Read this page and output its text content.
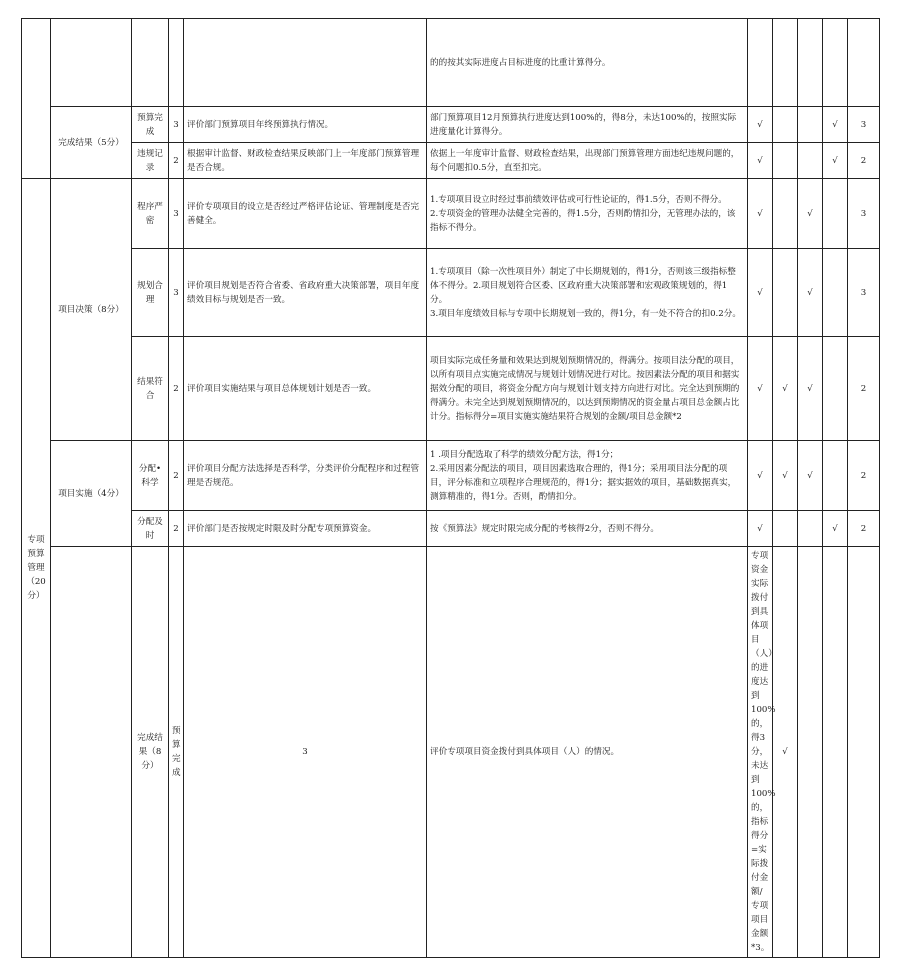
					的的按其实际进度占目标进度的比重计算得分。						
	完成结果（5分）	预算完成	3	评价部门预算项目年终预算执行情况。	部门预算项目12月预算执行进度达到100%的，得8分，未达100%的，按照实际进度量化计算得分。	√			√	3	
		违规记录	2	根据审计监督、财政检查结果反映部门上一年度部门预算管理是否合规。	依据上一年度审计监督、财政检查结果，出现部门预算管理方面违纪违规问题的，每个问题扣0.5分，直至扣完。	√			√	2	
专项预算管理（20分）	项目决策（8分）	程序严密	3	评价专项项目的设立是否经过严格评估论证、管理制度是否完善健全。	1.专项项目设立时经过事前绩效评估或可行性论证的，得1.5分，否则不得分。
2.专项资金的管理办法健全完善的，得1.5分，否则酌情扣分，无管理办法的，该指标不得分。	√		√		3	
		规划合理	3	评价项目规划是否符合省委、省政府重大决策部署，项目年度绩效目标与规划是否一致。	1.专项项目（除一次性项目外）制定了中长期规划的，得1分，否则该三级指标整体不得分。2.项目规划符合区委、区政府重大决策部署和宏观政策规划的，得1分。
3.项目年度绩效目标与专项中长期规划一致的，得1分，有一处不符合的扣0.2分。	√		√		3	
		结果符合	2	评价项目实施结果与项目总体规划计划是否一致。	项目实际完成任务量和效果达到规划预期情况的，得满分。按项目法分配的项目，以所有项目点实施完成情况与规划计划情况进行对比。按因素法分配的项目和据实据效分配的项目，将资金分配方向与规划计划支持方向进行对比。完全达到预期的得满分。未完全达到规划预期情况的，以达到预期情况的资金量占项目总金额占比计分。指标得分=项目实施实施结果符合规划的金额/项目总金额*2	√	√	√		2	
	项目实施（4分）	分配•科学	2	评价项目分配方法选择是否科学，分类评价分配程序和过程管理是否规范。	1 .项目分配选取了科学的绩效分配方法，得1分；
2.采用因素分配法的项目，项目因素选取合理的，得1分；采用项目法分配的项目，评分标准和立项程序合理规范的，得1分；据实据效的项目，基础数据真实，测算精准的，得1分。否则，酌情扣分。	√	√	√		2	
		分配及时	2	评价部门是否按规定时限及时分配专项预算资金。	按《预算法》规定时限完成分配的考核得2分，否则不得分。	√			√	2	
		完成结果（8分）	预算完成	3	评价专项项目资金拨付到具体项目（人）的情况。	专项资金实际拨付到具体项目（人）的进度达到100%的，得3分，未达到100%的，指标得分=实际拨付金额/专项项目金额*3。	√				
